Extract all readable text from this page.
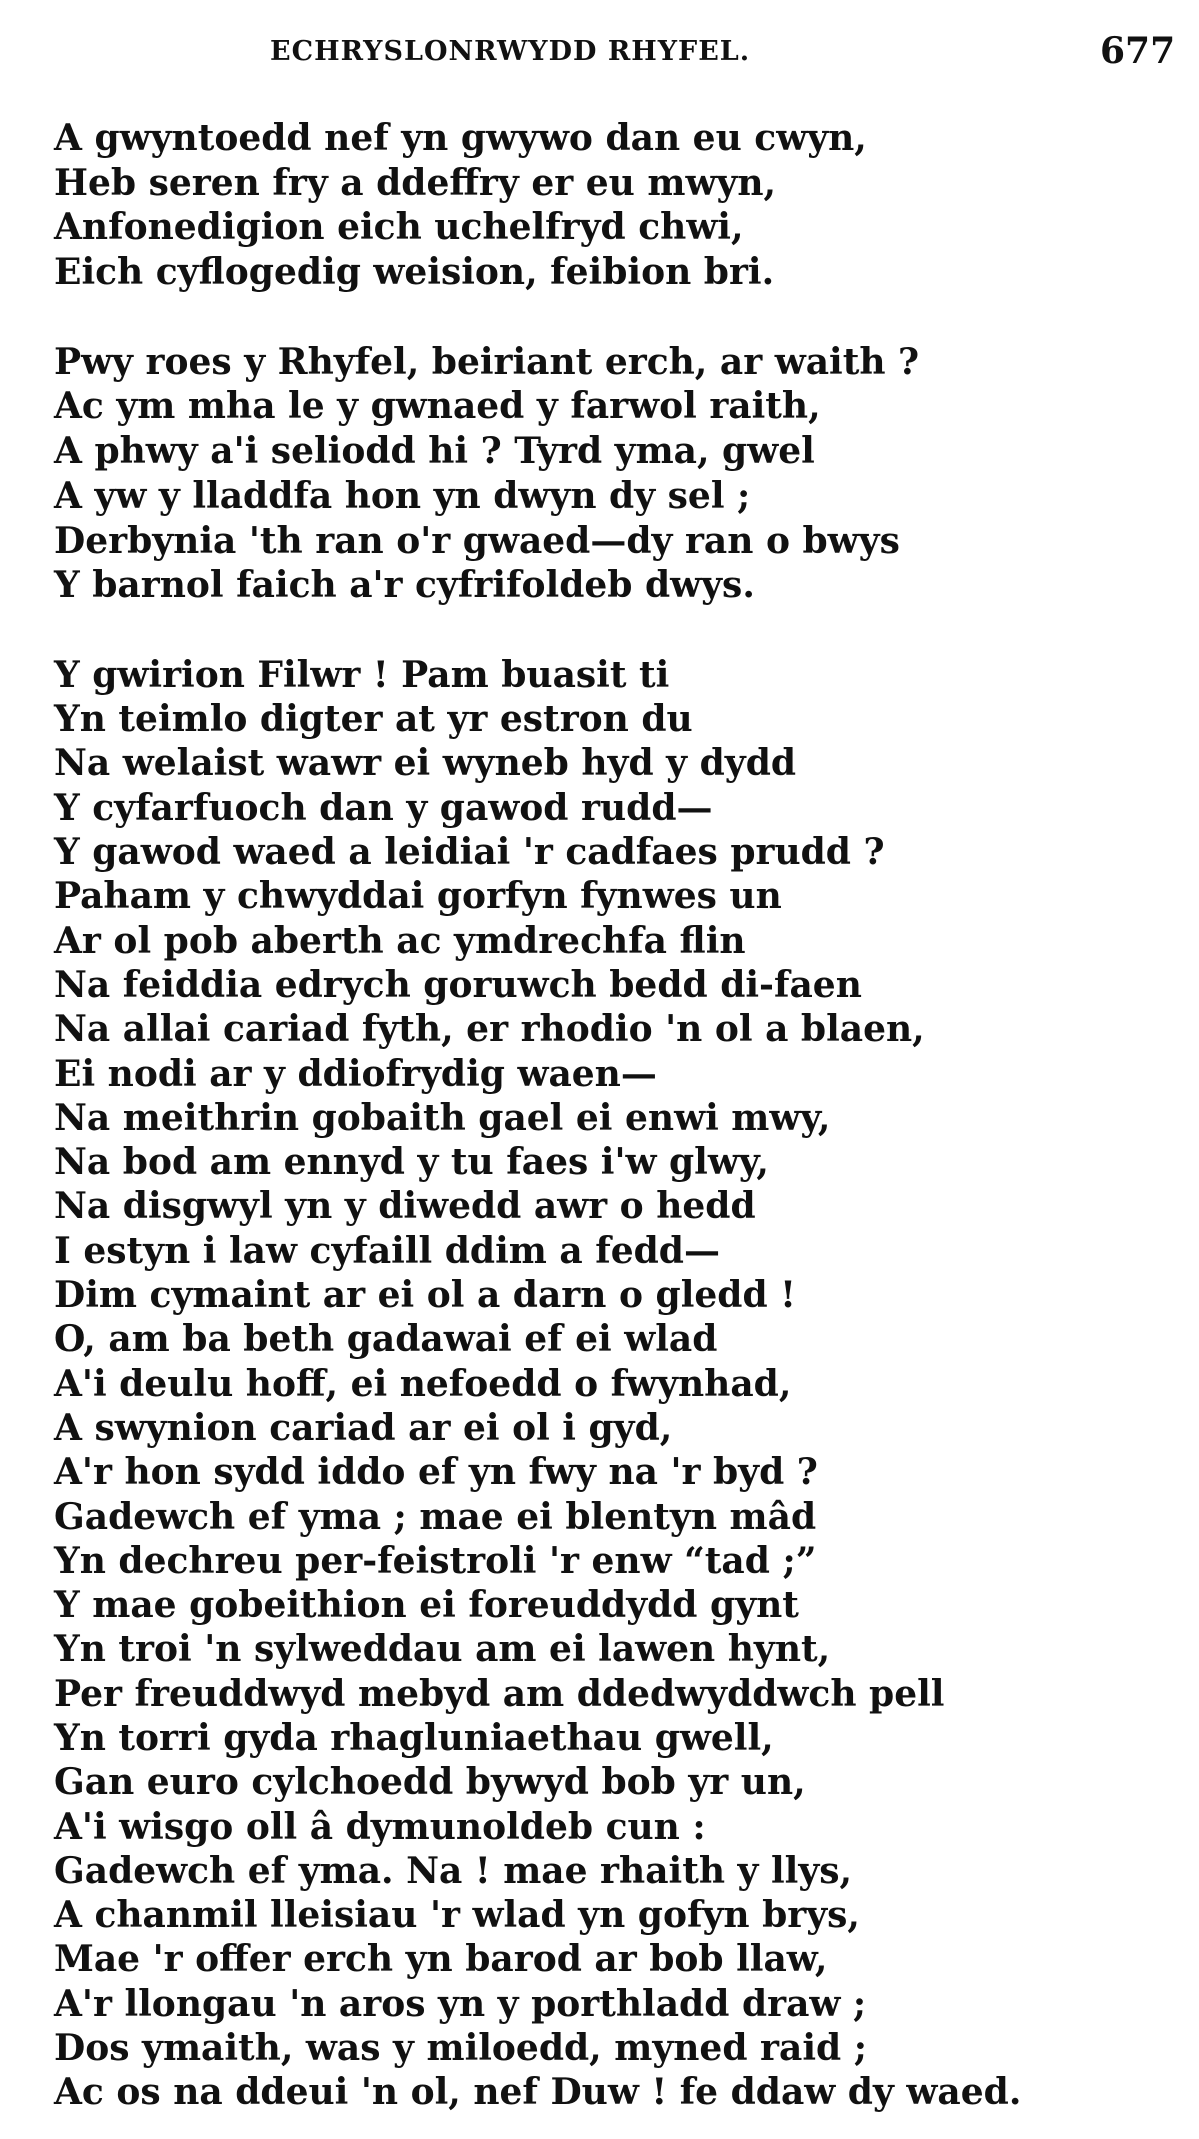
ECHRYSLONRWYDD RHYFEL.	677
A gwyntoedd nef yn gwywo dan eu cwyn,
Heb seren fry a ddeffry er eu mwyn,
Anfonedigion eich uchelfryd chwi,
Eich cyflogedig weision, feibion bri.
Pwy roes y Rhyfel, beiriant erch, ar waith ?
Ac ym mha le y gwnaed y farwol raith,
A phwy a'i seliodd hi ? Tyrd yma, gwel
A yw y lladdfa hon yn dwyn dy sel ;
Derbynia 'th ran o'r gwaed—dy ran o bwys
Y barnol faich a'r cyfrifoldeb dwys.
Y gwirion Filwr ! Pam buasit ti
Yn teimlo digter at yr estron du
Na welaist wawr ei wyneb hyd y dydd
Y cyfarfuoch dan y gawod rudd—
Y gawod waed a leidiai 'r cadfaes prudd ?
Paham y chwyddai gorfyn fynwes un
Ar ol pob aberth ac ymdrechfa flin
Na feiddia edrych goruwch bedd di-faen
Na allai cariad fyth, er rhodio 'n ol a blaen,
Ei nodi ar y ddiofrydig waen—
Na meithrin gobaith gael ei enwi mwy,
Na bod am ennyd y tu faes i'w glwy,
Na disgwyl yn y diwedd awr o hedd
I estyn i law cyfaill ddim a fedd—
Dim cymaint ar ei ol a darn o gledd !
O, am ba beth gadawai ef ei wlad
A'i deulu hoff, ei nefoedd o fwynhad,
A swynion cariad ar ei ol i gyd,
A'r hon sydd iddo ef yn fwy na 'r byd ?
Gadewch ef yma ; mae ei blentyn mâd
Yn dechreu per-feistroli 'r enw “tad ;”
Y mae gobeithion ei foreuddydd gynt
Yn troi 'n sylweddau am ei lawen hynt,
Per freuddwyd mebyd am ddedwyddwch pell
Yn torri gyda rhagluniaethau gwell,
Gan euro cylchoedd bywyd bob yr un,
A'i wisgo oll â dymunoldeb cun :
Gadewch ef yma. Na ! mae rhaith y llys,
A chanmil lleisiau 'r wlad yn gofyn brys,
Mae 'r offer erch yn barod ar bob llaw,
A'r llongau 'n aros yn y porthladd draw ;
Dos ymaith, was y miloedd, myned raid ;
Ac os na ddeui 'n ol, nef Duw ! fe ddaw dy waed.
